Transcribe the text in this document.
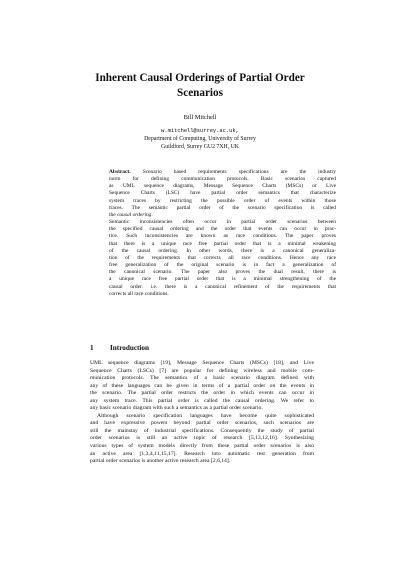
Inherent Causal Orderings of Partial Order
Scenarios
Bill Mitchell
w.mitchell@surrey.ac.uk,
Department of Computing, University of Surrey
Guildford, Surrey GU2 7XH, UK
Abstract. Scenario based requirements specifications are the industry
norm for defining communication protocols. Basic scenarios captured
as UML sequence diagrams, Message Sequence Charts (MSCs) or Live
Sequence Charts (LSC) have partial order semantics that characterize
system traces by restricting the possible order of events within those
traces. The semantic partial order of the scenario specification is called
the causal ordering.
Semantic inconsistencies often occur in partial order scenarios between
the specified causal ordering and the order that events can occur in prac-
tice. Such inconsistencies are known as race conditions. The paper proves
that there is a unique race free partial order that is a minimal weakening
of the causal ordering. In other words, there is a canonical generaliza-
tion of the requirements that corrects all race conditions. Hence any race
free generalization of the original scenario is in fact a generalization of
the canonical scenario. The paper also proves the dual result, there is
a unique race free partial order that is a minimal strengthening of the
causal order. i.e. there is a canonical refinement of the requirements that
corrects all race conditions.
1 Introduction
UML sequence diagrams [19], Message Sequence Charts (MSCs) [18], and Live
Sequence Charts (LSCs) [7] are popular for defining wireless and mobile com-
munication protocols. The semantics of a basic scenario diagram defined with
any of these languages can be given in terms of a partial order on the events in
the scenario. The partial order restricts the order in which events can occur in
any system trace. This partial order is called the causal ordering. We refer to
any basic scenario diagram with such a semantics as a partial order scenario.
Although scenario specification languages have become quite sophisticated
and have expressive powers beyond partial order scenarios, such scenarios are
still the mainstay of industrial specifications. Consequently the study of partial
order scenarios is still an active topic of research [5,13,12,16]. Synthesizing
various types of system models directly from these partial order scenarios is also
an active area [1,3,4,11,15,17]. Research into automatic test generation from
partial order scenarios is another active research area [2,6,14].
